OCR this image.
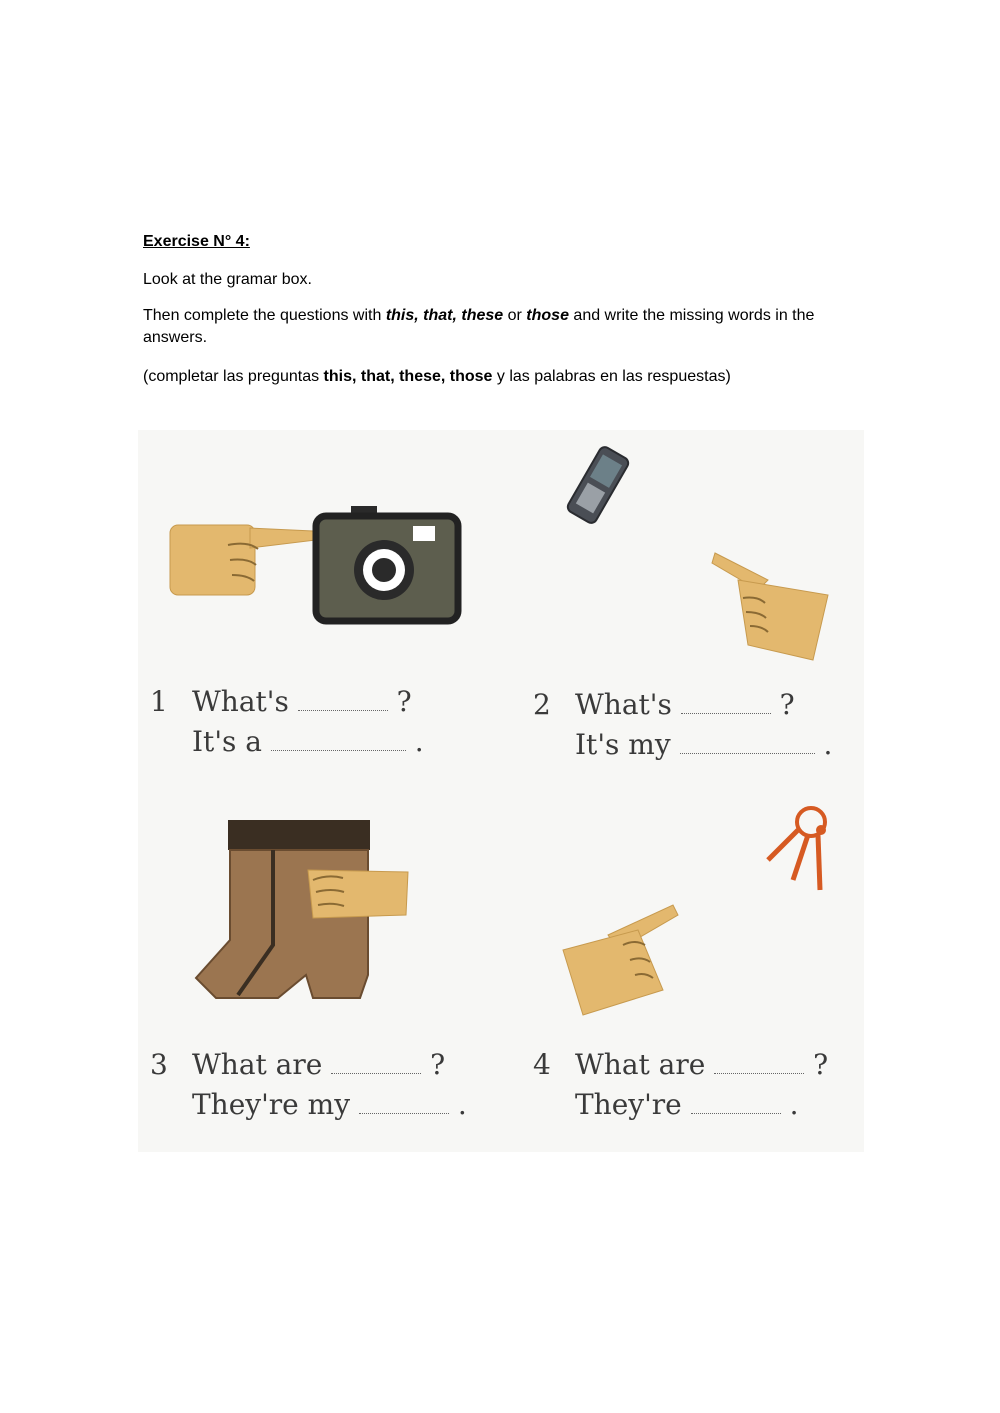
Exercise N° 4:

Look at the gramar box.

Then complete the questions with this, that, these or those and write the missing words in the answers.

(completar las preguntas this, that, these, those y las palabras en las respuestas)

1 What's	?
It's a	.
2 What's	?
It's my	.
3 What are	?
They're my	.
4 What are	?
They're	.
